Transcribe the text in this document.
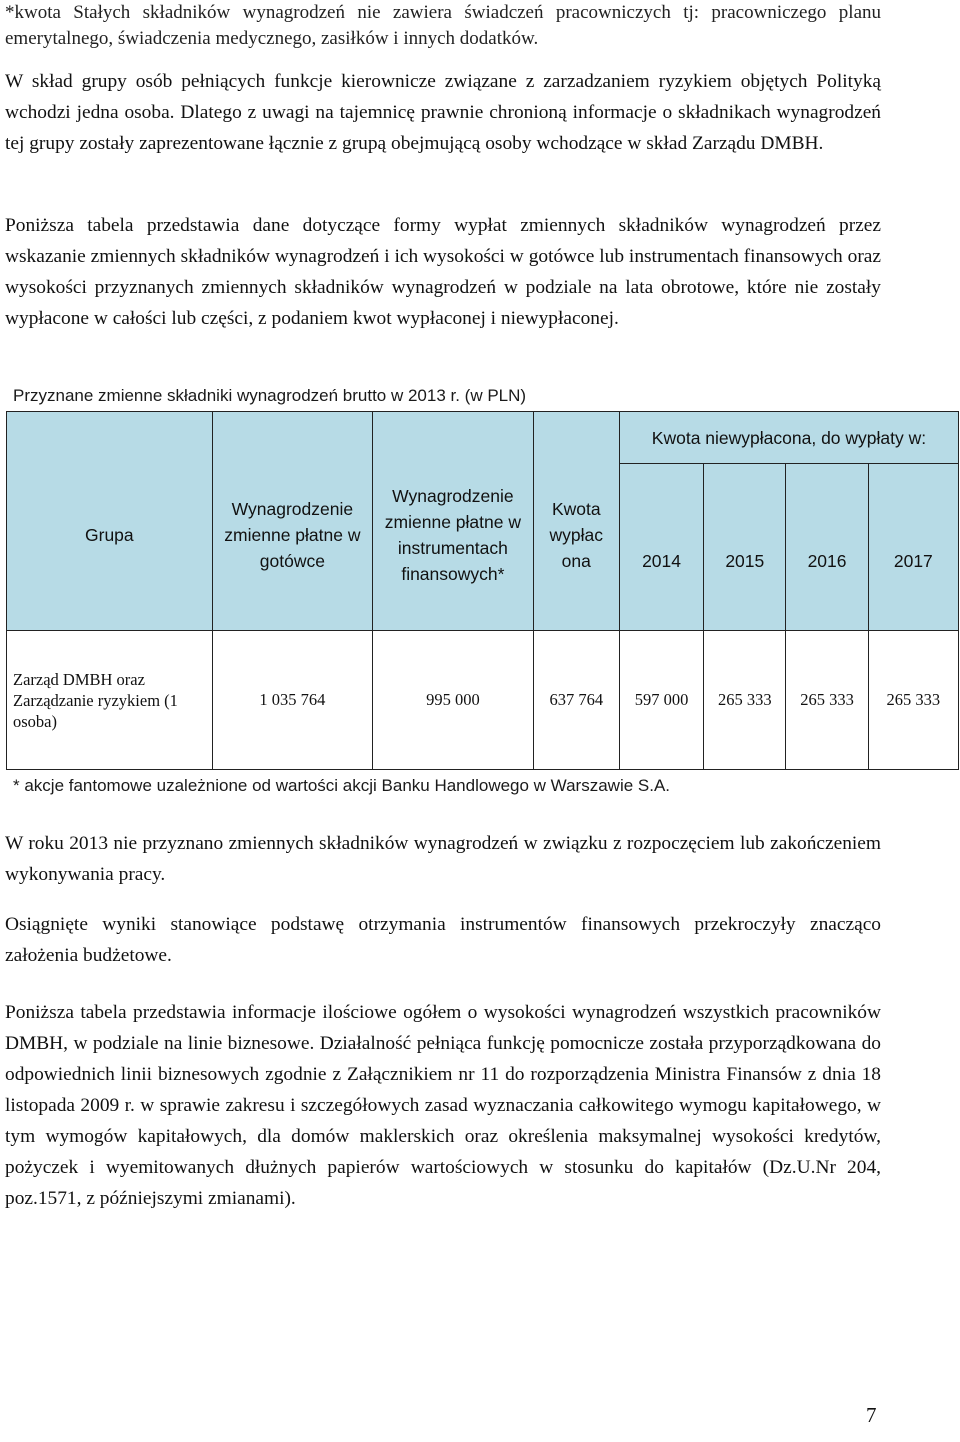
*kwota Stałych składników wynagrodzeń nie zawiera świadczeń pracowniczych tj: pracowniczego planu emerytalnego, świadczenia medycznego, zasiłków i innych dodatków.
W skład grupy osób pełniących funkcje kierownicze związane z zarzadzaniem ryzykiem objętych Polityką wchodzi jedna osoba. Dlatego z uwagi na tajemnicę prawnie chronioną informacje o składnikach wynagrodzeń tej grupy zostały zaprezentowane łącznie z grupą obejmującą osoby wchodzące w skład Zarządu DMBH.
Poniższa tabela przedstawia dane dotyczące formy wypłat zmiennych składników wynagrodzeń przez wskazanie zmiennych składników wynagrodzeń i ich wysokości w gotówce lub instrumentach finansowych oraz wysokości przyznanych zmiennych składników wynagrodzeń w podziale na lata obrotowe, które nie zostały wypłacone w całości lub części, z podaniem kwot wypłaconej i niewypłaconej.
Przyznane zmienne składniki wynagrodzeń brutto w 2013 r. (w PLN)
Grupa	Wynagrodzenie zmienne płatne w gotówce	Wynagrodzenie zmienne płatne w instrumentach finansowych*	Kwota wypłac ona	Kwota niewypłacona, do wypłaty w:			

				2014	2015	2016	2017

Zarząd DMBH oraz Zarządzanie ryzykiem (1 osoba)	1 035 764	995 000	637 764	597 000	265 333	265 333	265 333
* akcje fantomowe uzależnione od wartości akcji Banku Handlowego w Warszawie S.A.
W roku 2013 nie przyznano zmiennych składników wynagrodzeń w związku z rozpoczęciem lub zakończeniem wykonywania pracy.
Osiągnięte wyniki stanowiące podstawę otrzymania instrumentów finansowych przekroczyły znacząco założenia budżetowe.
Poniższa tabela przedstawia informacje ilościowe ogółem o wysokości wynagrodzeń wszystkich pracowników DMBH, w podziale na linie biznesowe. Działalność pełniąca funkcję pomocnicze została przyporządkowana do odpowiednich linii biznesowych zgodnie z Załącznikiem nr 11 do rozporządzenia Ministra Finansów z dnia 18 listopada 2009 r. w sprawie zakresu i szczegółowych zasad wyznaczania całkowitego wymogu kapitałowego, w tym wymogów kapitałowych, dla domów maklerskich oraz określenia maksymalnej wysokości kredytów, pożyczek i wyemitowanych dłużnych papierów wartościowych w stosunku do kapitałów (Dz.U.Nr 204, poz.1571, z późniejszymi zmianami).
7
